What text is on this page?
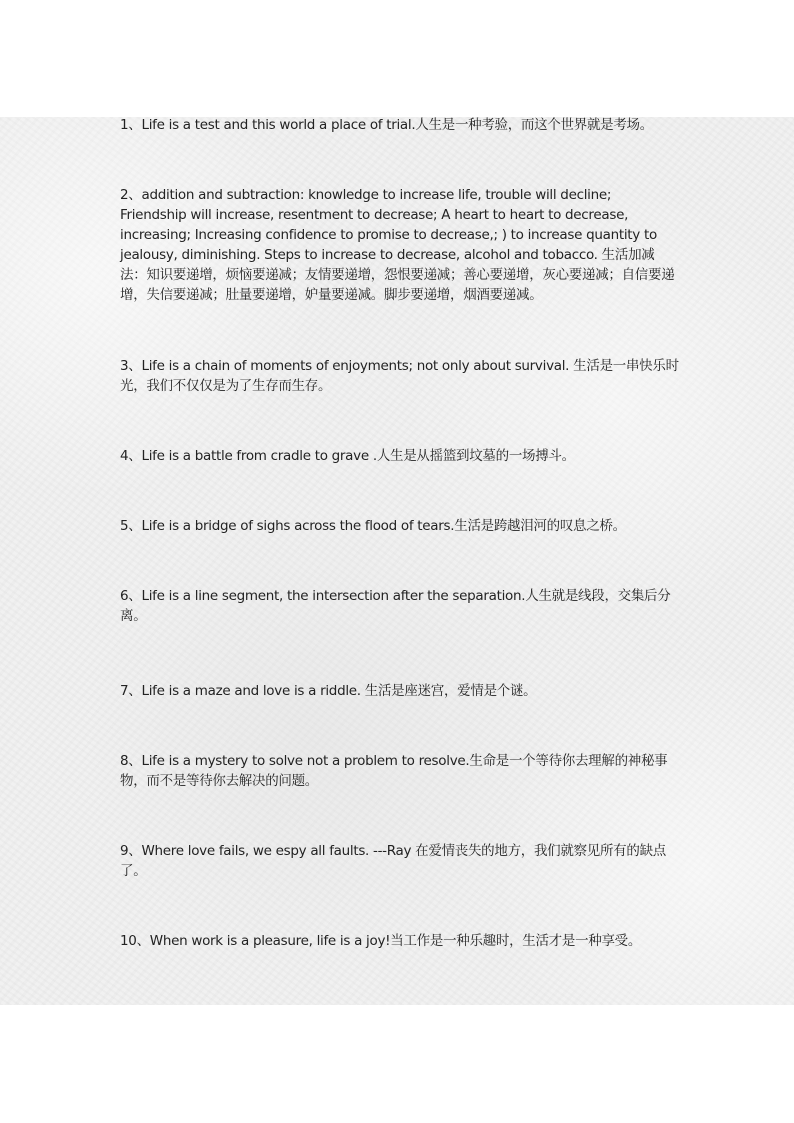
1、Life is a test and this world a place of trial.人生是一种考验，而这个世界就是考场。

2、addition and subtraction: knowledge to increase life, trouble will decline; Friendship will increase, resentment to decrease; A heart to heart to decrease, increasing; Increasing confidence to promise to decrease,; ) to increase quantity to jealousy, diminishing. Steps to increase to decrease, alcohol and tobacco. 生活加减法：知识要递增，烦恼要递减；友情要递增，怨恨要递减；善心要递增，灰心要递减；自信要递增，失信要递减；肚量要递增，妒量要递减。脚步要递增，烟酒要递减。

3、Life is a chain of moments of enjoyments; not only about survival. 生活是一串快乐时光，我们不仅仅是为了生存而生存。

4、Life is a battle from cradle to grave .人生是从摇篮到坟墓的一场搏斗。

5、Life is a bridge of sighs across the flood of tears.生活是跨越泪河的叹息之桥。

6、Life is a line segment, the intersection after the separation.人生就是线段，交集后分离。

7、Life is a maze and love is a riddle. 生活是座迷宫，爱情是个谜。

8、Life is a mystery to solve not a problem to resolve.生命是一个等待你去理解的神秘事物，而不是等待你去解决的问题。

9、Where love fails, we espy all faults. ---Ray 在爱情丧失的地方，我们就察见所有的缺点了。

10、When work is a pleasure, life is a joy!当工作是一种乐趣时，生活才是一种享受。
